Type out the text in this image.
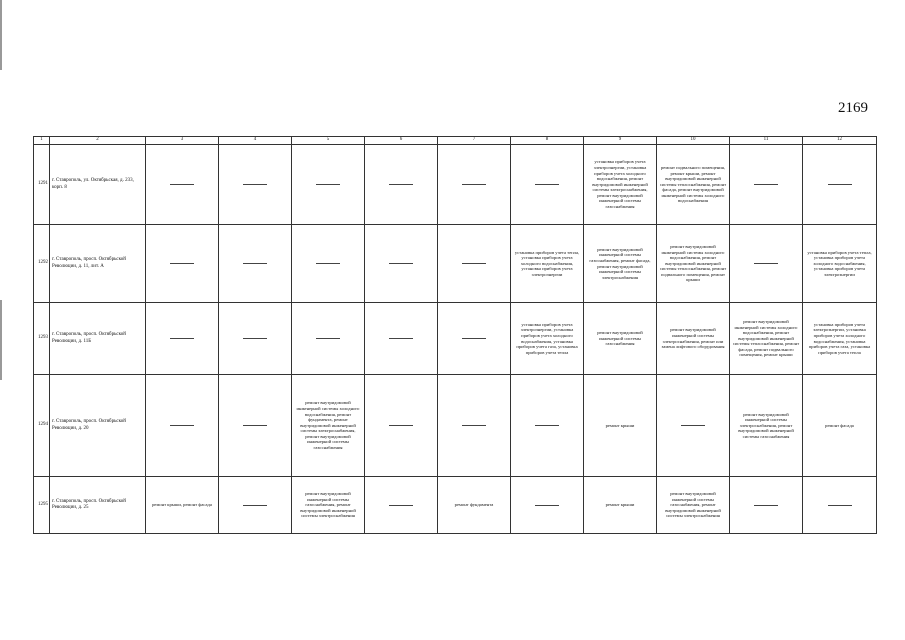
2169
1	2	3	4	5	6	7	8	9	10	11	12
1291	г. Ставрополь, ул. Октябрьская, д. 233, корп. 8							установка приборов учета электроэнергии, установка приборов учета холодного водоснабжения, ремонт внутридомовой инженерной системы электроснабжения, ремонт внутридомовой инженерной системы газоснабжения	ремонт подвального помещения, ремонт крыши, ремонт внутридомовой инженерной системы теплоснабжения, ремонт фасада, ремонт внутридомовой инженерной системы холодного водоснабжения		
1292	г. Ставрополь, просп. Октябрьской Революции, д. 11, лит. А						установка приборов учета тепла, установка приборов учета холодного водоснабжения, установка приборов учета электроэнергии	ремонт внутридомовой инженерной системы газоснабжения, ремонт фасада, ремонт внутридомовой инженерной системы электроснабжения	ремонт внутридомовой инженерной системы холодного водоснабжения, ремонт внутридомовой инженерной системы теплоснабжения, ремонт подвального помещения, ремонт крыши		установка приборов учета тепла, установка приборов учета холодного водоснабжения, установка приборов учета электроэнергии
1293	г. Ставрополь, просп. Октябрьской Революции, д. 11Б						установка приборов учета электроэнергии, установка приборов учета холодного водоснабжения, установка приборов учета газа, установка приборов учета тепла	ремонт внутридомовой инженерной системы газоснабжения	ремонт внутридомовой инженерной системы электроснабжения, ремонт или замена лифтового оборудования	ремонт внутридомовой инженерной системы холодного водоснабжения, ремонт внутридомовой инженерной системы теплоснабжения, ремонт фасада, ремонт подвального помещения, ремонт крыши	установка приборов учета электроэнергии, установка приборов учета холодного водоснабжения, установка приборов учета газа, установка приборов учета тепла
1294	г. Ставрополь, просп. Октябрьской Революции, д. 20			ремонт внутридомовой инженерной системы холодного водоснабжения, ремонт фундамента, ремонт внутридомовой инженерной системы электроснабжения, ремонт внутридомовой инженерной системы газоснабжения				ремонт крыши		ремонт внутридомовой инженерной системы электроснабжения, ремонт внутридомовой инженерной системы газоснабжения	ремонт фасада
1295	г. Ставрополь, просп. Октябрьской Революции, д. 25	ремонт крыши, ремонт фасада		ремонт внутридомовой инженерной системы газоснабжения, ремонт внутридомовой инженерной системы электроснабжения		ремонт фундамента		ремонт крыши	ремонт внутридомовой инженерной системы газоснабжения, ремонт внутридомовой инженерной системы электроснабжения		
